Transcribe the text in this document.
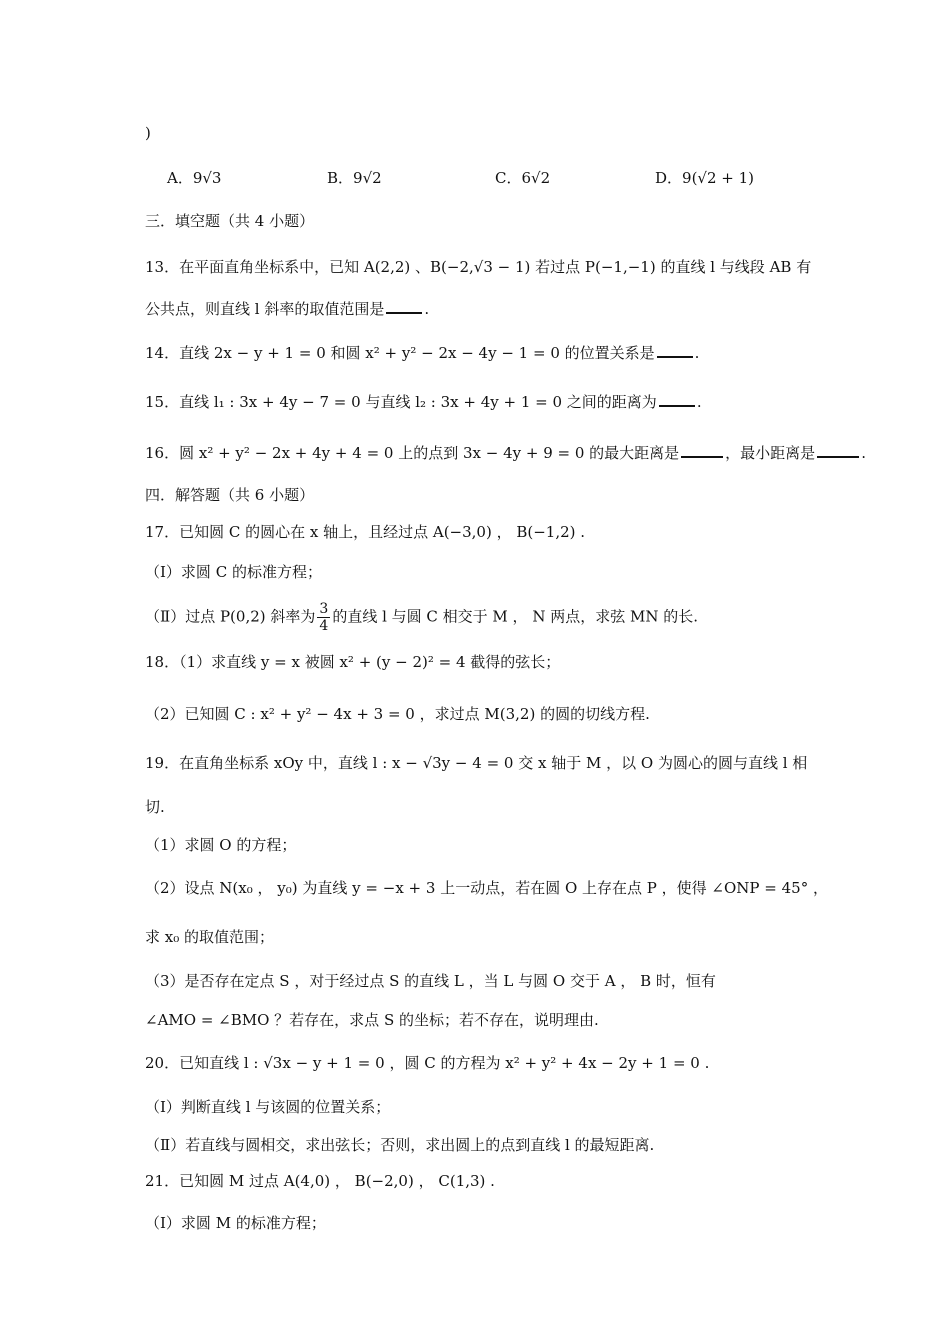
)
A．9√3	B．9√2	C．6√2	D．9(√2 + 1)
三．填空题（共 4 小题）
13．在平面直角坐标系中，已知 A(2,2) 、B(−2,√3 − 1) 若过点 P(−1,−1) 的直线 l 与线段 AB 有
公共点，则直线 l 斜率的取值范围是	.
14．直线 2x − y + 1 = 0 和圆 x² + y² − 2x − 4y − 1 = 0 的位置关系是	.
15．直线 l₁ : 3x + 4y − 7 = 0 与直线 l₂ : 3x + 4y + 1 = 0 之间的距离为	.
16．圆 x² + y² − 2x + 4y + 4 = 0 上的点到 3x − 4y + 9 = 0 的最大距离是	，最小距离是	.
四．解答题（共 6 小题）
17．已知圆 C 的圆心在 x 轴上，且经过点 A(−3,0) ， B(−1,2) .
（Ⅰ）求圆 C 的标准方程；
（Ⅱ）过点 P(0,2) 斜率为 $\frac{3}{4}$ 的直线 l 与圆 C 相交于 M ， N 两点，求弦 MN 的长.
18．（1）求直线 y = x 被圆 x² + (y − 2)² = 4 截得的弦长；
（2）已知圆 C : x² + y² − 4x + 3 = 0 ，求过点 M(3,2) 的圆的切线方程.
19．在直角坐标系 xOy 中，直线 l : x − √3y − 4 = 0 交 x 轴于 M ，以 O 为圆心的圆与直线 l 相
切.
（1）求圆 O 的方程；
（2）设点 N(x₀ ， y₀) 为直线 y = −x + 3 上一动点，若在圆 O 上存在点 P ，使得 ∠ONP = 45° ，
求 x₀ 的取值范围；
（3）是否存在定点 S ，对于经过点 S 的直线 L ，当 L 与圆 O 交于 A ， B 时，恒有
∠AMO = ∠BMO ？若存在，求点 S 的坐标；若不存在，说明理由.
20．已知直线 l : √3x − y + 1 = 0 ，圆 C 的方程为 x² + y² + 4x − 2y + 1 = 0 .
（Ⅰ）判断直线 l 与该圆的位置关系；
（Ⅱ）若直线与圆相交，求出弦长；否则，求出圆上的点到直线 l 的最短距离.
21．已知圆 M 过点 A(4,0) ， B(−2,0) ， C(1,3) .
（Ⅰ）求圆 M 的标准方程；
